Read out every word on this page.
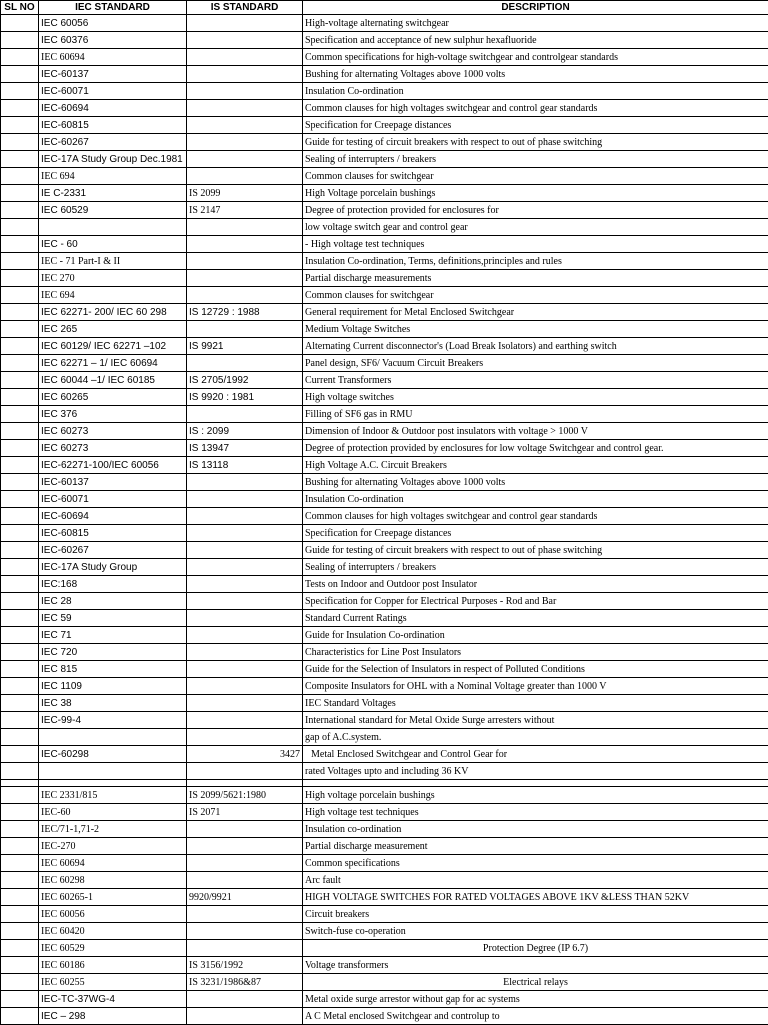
SL NO	IEC STANDARD	IS STANDARD	DESCRIPTION
	IEC 60056		High-voltage alternating switchgear
	IEC 60376		Specification and acceptance of new sulphur hexafluoride
	IEC 60694		Common specifications for high-voltage switchgear and controlgear standards
	IEC-60137		Bushing for alternating Voltages above 1000 volts
	IEC-60071		Insulation Co-ordination
	IEC-60694		Common clauses for high voltages switchgear and control gear standards
	IEC-60815		Specification for Creepage distances
	IEC-60267		Guide for testing of circuit breakers with respect to out of phase switching
	IEC-17A Study Group Dec.1981		Sealing of interrupters / breakers
	IEC 694		Common clauses for switchgear
	IE C-2331	IS 2099	High Voltage porcelain bushings
	IEC 60529	IS 2147	Degree of protection provided for enclosures for
			low voltage switch gear and control gear
	IEC - 60		- High voltage test techniques
	IEC - 71 Part-I & II		Insulation Co-ordination, Terms, definitions,principles and rules
	IEC 270		Partial discharge measurements
	IEC 694		Common clauses for switchgear
	IEC 62271- 200/ IEC 60 298	IS 12729 : 1988	General requirement for Metal Enclosed Switchgear
	IEC 265		Medium Voltage Switches
	IEC 60129/ IEC 62271 –102	IS 9921	Alternating Current disconnector's (Load Break Isolators) and earthing switch
	IEC 62271 – 1/ IEC 60694		Panel design, SF6/ Vacuum Circuit Breakers
	IEC 60044 –1/ IEC 60185	IS 2705/1992	Current Transformers
	IEC 60265	IS 9920 : 1981	High voltage switches
	IEC 376		Filling of SF6 gas in RMU
	IEC 60273	IS : 2099	Dimension of Indoor & Outdoor post insulators with voltage > 1000 V
	IEC 60273	IS 13947	Degree of protection provided by enclosures for low voltage Switchgear and control gear.
	IEC-62271-100/IEC 60056	IS 13118	High Voltage A.C. Circuit Breakers
	IEC-60137		Bushing for alternating Voltages above 1000 volts
	IEC-60071		Insulation Co-ordination
	IEC-60694		Common clauses for high voltages switchgear and control gear standards
	IEC-60815		Specification for Creepage distances
	IEC-60267		Guide for testing of circuit breakers with respect to out of phase switching
	IEC-17A Study Group		Sealing of interrupters / breakers
	IEC:168		Tests on Indoor and Outdoor post Insulator
	IEC 28		Specification for Copper for Electrical Purposes - Rod and Bar
	IEC 59		Standard Current Ratings
	IEC 71		Guide for Insulation Co-ordination
	IEC 720		Characteristics for Line Post Insulators
	IEC 815		Guide for the Selection of Insulators in respect of Polluted Conditions
	IEC 1109		Composite Insulators for OHL with a Nominal Voltage greater than 1000 V
	IEC 38		IEC Standard Voltages
	IEC-99-4		International standard for Metal Oxide Surge arresters without
			gap of A.C.system.
	IEC-60298	3427	Metal Enclosed Switchgear and Control Gear for
			rated Voltages upto and including 36 KV

	IEC 2331/815	IS 2099/5621:1980	High voltage porcelain bushings
	IEC-60	IS 2071	High voltage test techniques
	IEC/71-1,71-2		Insulation co-ordination
	IEC-270		Partial discharge measurement
	IEC 60694		Common specifications
	IEC 60298		Arc fault
	IEC 60265-1	9920/9921	HIGH VOLTAGE SWITCHES FOR RATED VOLTAGES ABOVE 1KV &LESS THAN 52KV
	IEC 60056		Circuit breakers
	IEC 60420		Switch-fuse co-operation
	IEC 60529		Protection Degree (IP 6.7)
	IEC 60186	IS 3156/1992	Voltage transformers
	IEC 60255	IS 3231/1986&87	Electrical relays
	IEC-TC-37WG-4		Metal oxide surge arrestor without gap for ac systems
	IEC – 298		A C Metal enclosed Switchgear and controlup to
